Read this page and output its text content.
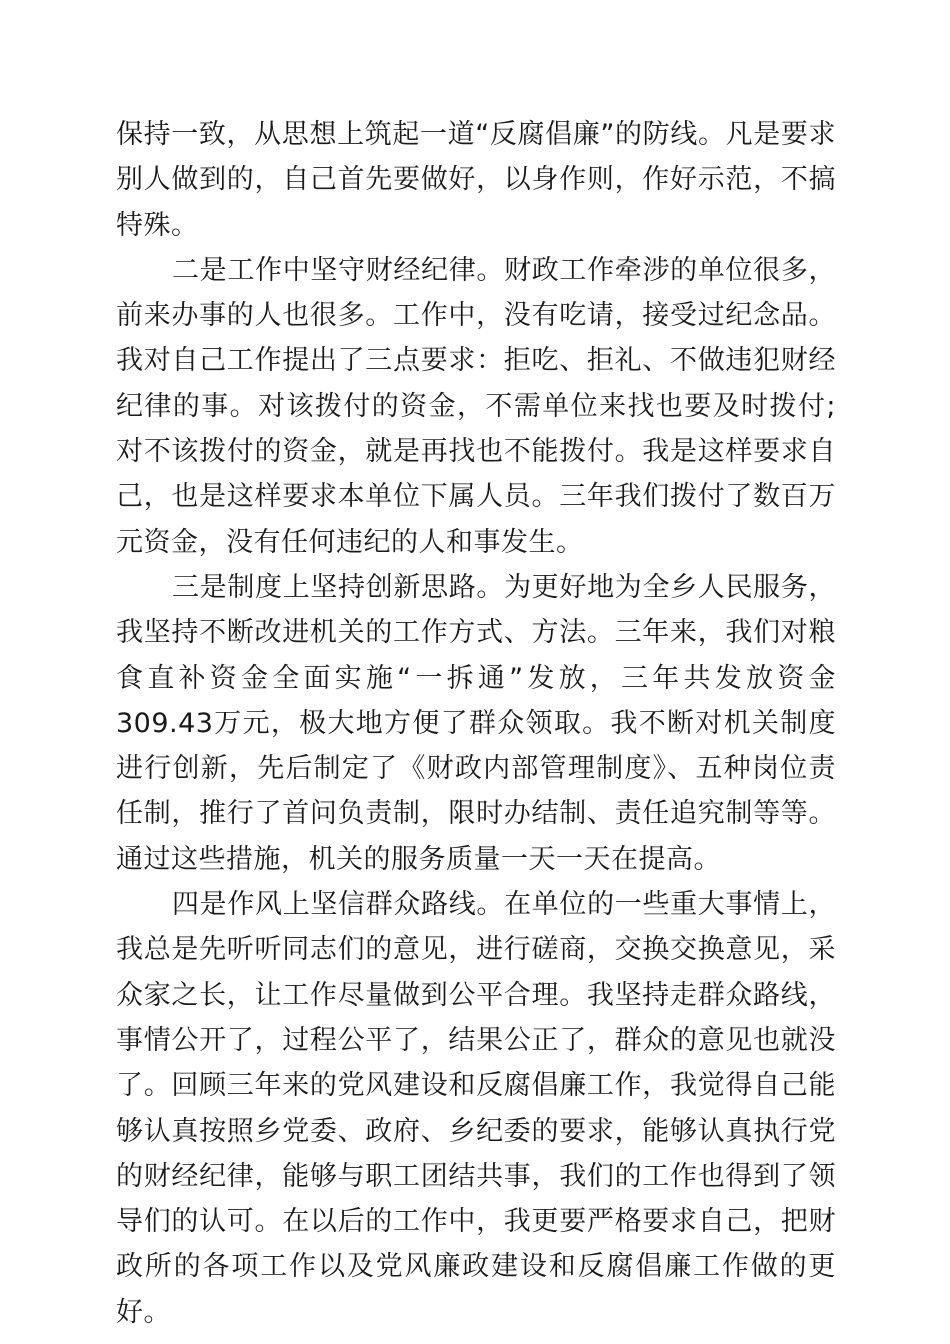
保持一致，从思想上筑起一道“反腐倡廉”的防线。凡是要求别人做到的，自己首先要做好，以身作则，作好示范，不搞特殊。

二是工作中坚守财经纪律。财政工作牵涉的单位很多，前来办事的人也很多。工作中，没有吃请，接受过纪念品。我对自己工作提出了三点要求：拒吃、拒礼、不做违犯财经纪律的事。对该拨付的资金，不需单位来找也要及时拨付;对不该拨付的资金，就是再找也不能拨付。我是这样要求自己，也是这样要求本单位下属人员。三年我们拨付了数百万元资金，没有任何违纪的人和事发生。

三是制度上坚持创新思路。为更好地为全乡人民服务，我坚持不断改进机关的工作方式、方法。三年来，我们对粮食直补资金全面实施“一拆通”发放，三年共发放资金309.43万元，极大地方便了群众领取。我不断对机关制度进行创新，先后制定了《财政内部管理制度》、五种岗位责任制，推行了首问负责制，限时办结制、责任追究制等等。通过这些措施，机关的服务质量一天一天在提高。

四是作风上坚信群众路线。在单位的一些重大事情上，我总是先听听同志们的意见，进行磋商，交换交换意见，采众家之长，让工作尽量做到公平合理。我坚持走群众路线，事情公开了，过程公平了，结果公正了，群众的意见也就没了。回顾三年来的党风建设和反腐倡廉工作，我觉得自己能够认真按照乡党委、政府、乡纪委的要求，能够认真执行党的财经纪律，能够与职工团结共事，我们的工作也得到了领导们的认可。在以后的工作中，我更要严格要求自己，把财政所的各项工作以及党风廉政建设和反腐倡廉工作做的更好。
